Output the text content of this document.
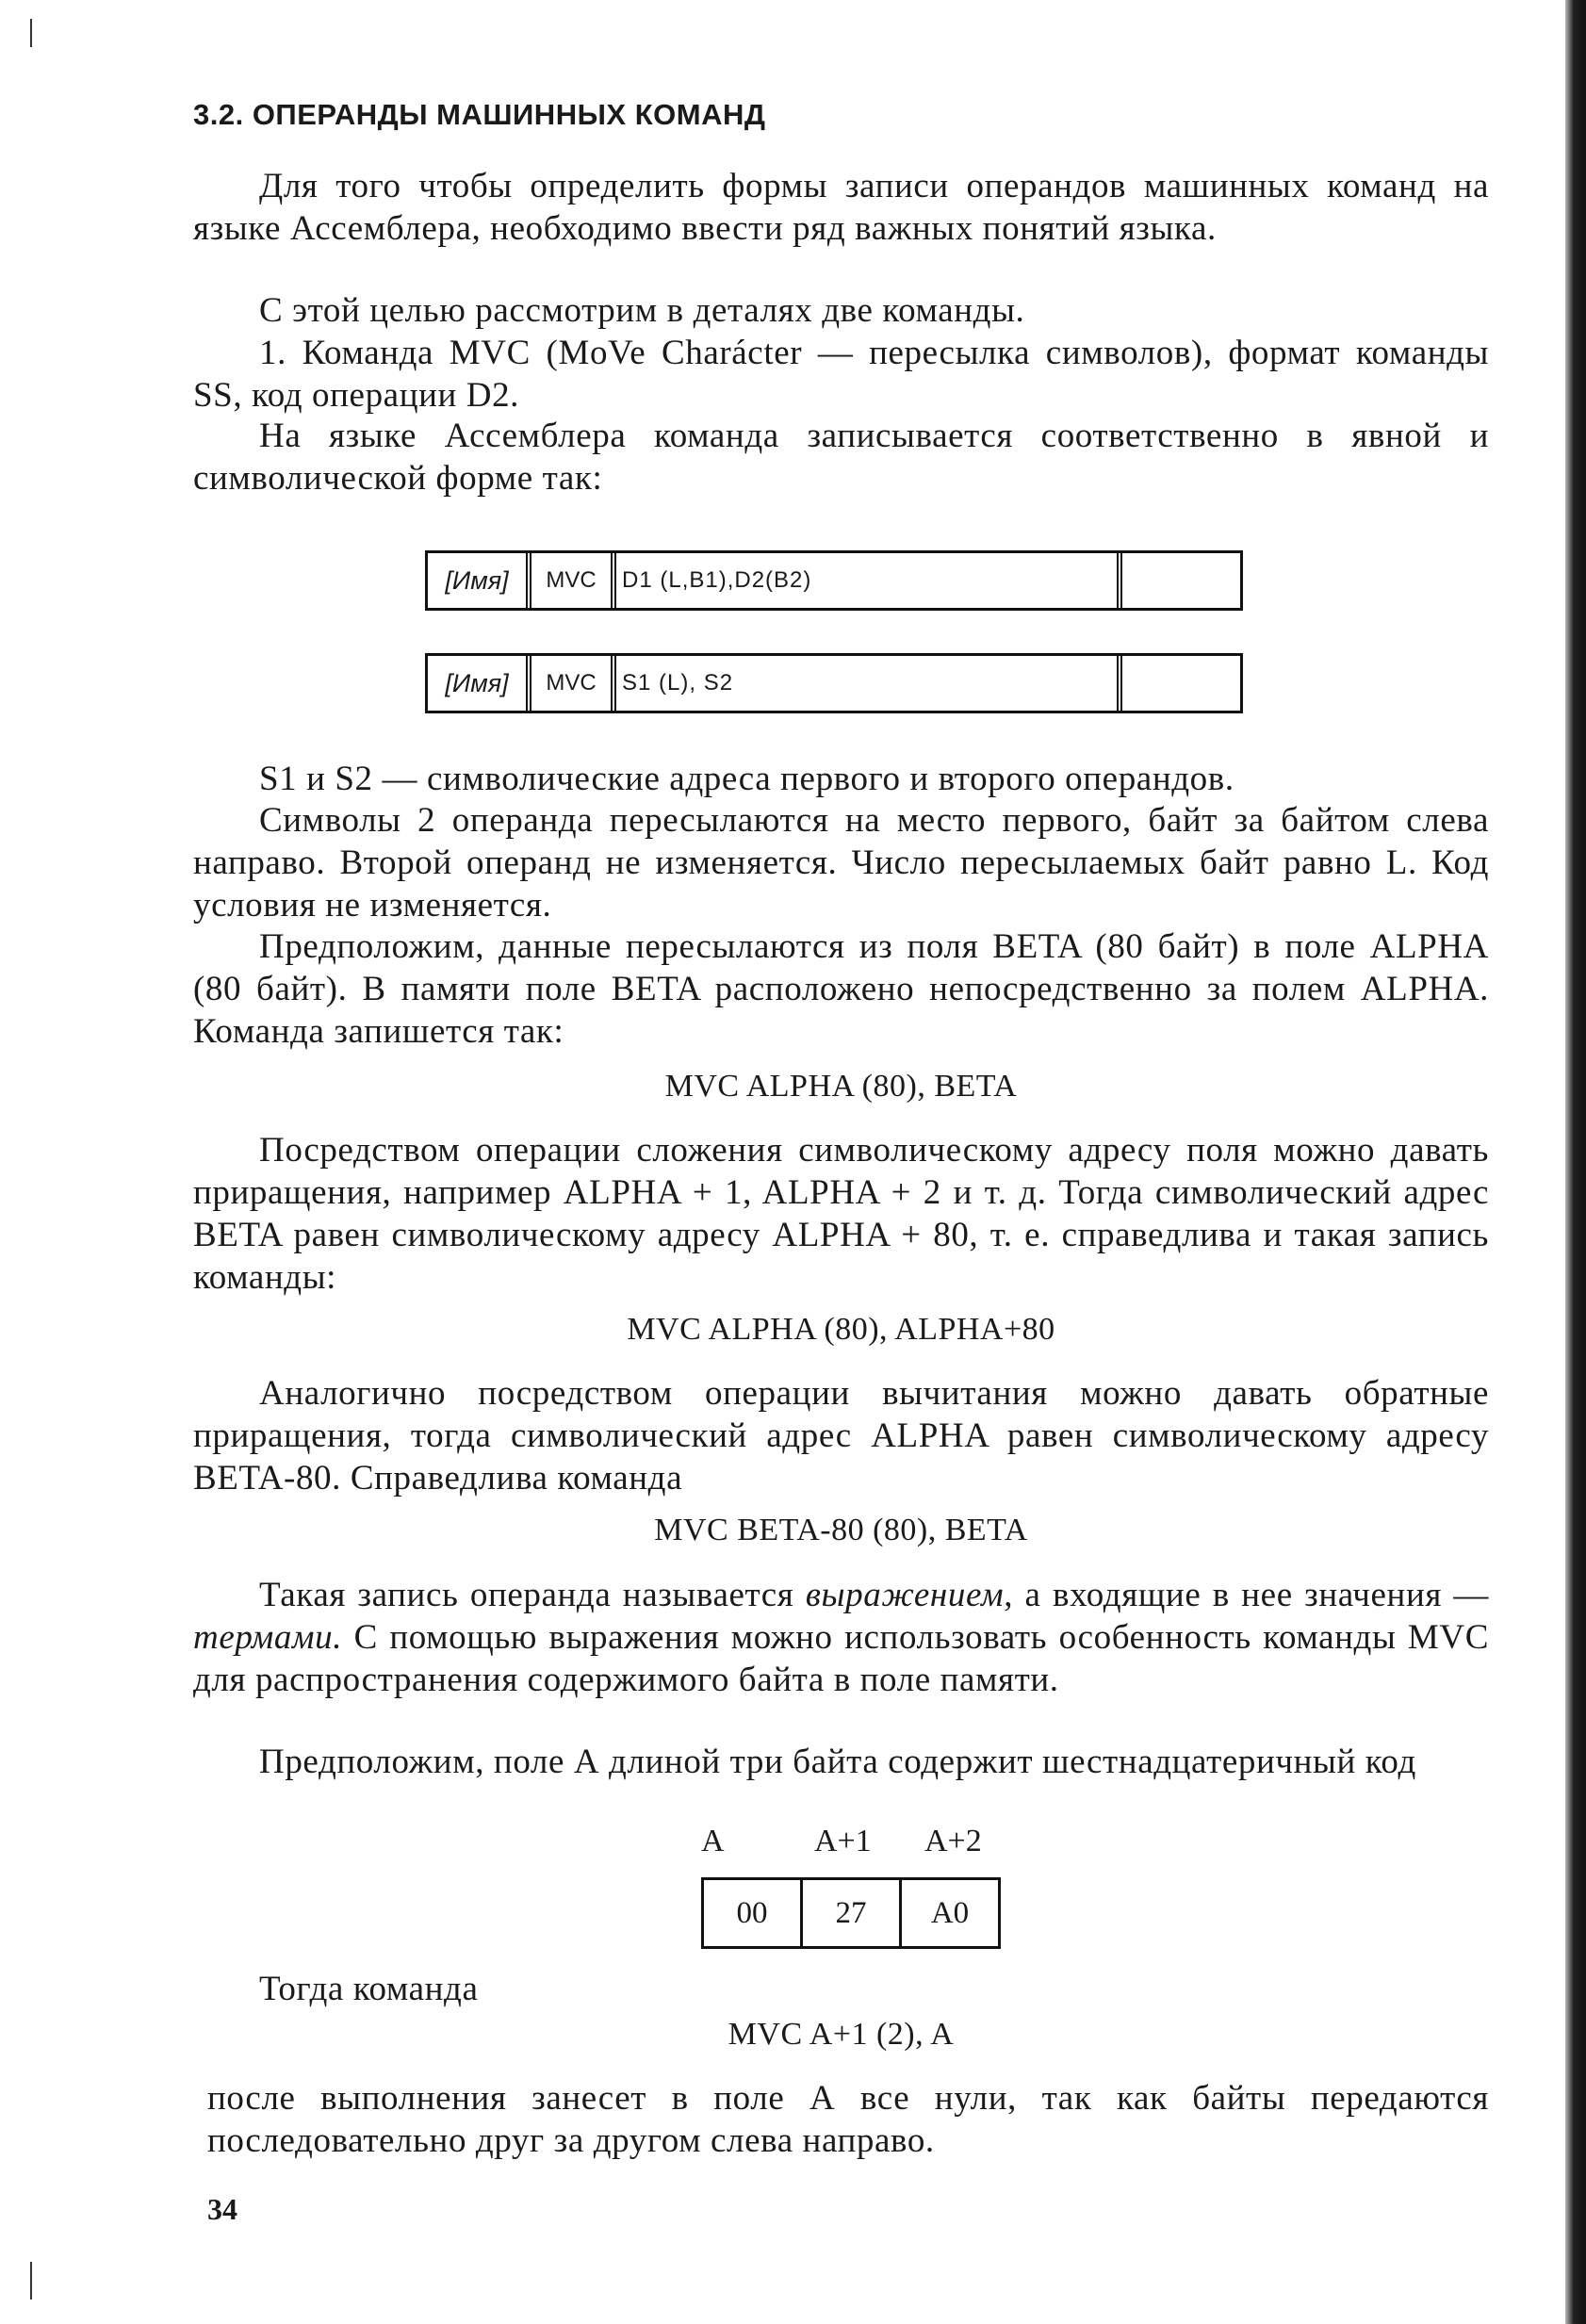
3.2. ОПЕРАНДЫ МАШИННЫХ КОМАНД

Для того чтобы определить формы записи операндов машинных команд на языке Ассемблера, необходимо ввести ряд важных понятий языка.

С этой целью рассмотрим в деталях две команды.

1. Команда MVC (MoVe Charácter — пересылка символов), формат команды SS, код операции D2.

На языке Ассемблера команда записывается соответственно в явной и символической форме так:

[Имя]	MVC	D1 (L,B1),D2(B2)
[Имя]	MVC	S1 (L), S2

S1 и S2 — символические адреса первого и второго операндов.

Символы 2 операнда пересылаются на место первого, байт за байтом слева направо. Второй операнд не изменяется. Число пересылаемых байт равно L. Код условия не изменяется.

Предположим, данные пересылаются из поля BETA (80 байт) в поле ALPHA (80 байт). В памяти поле BETA расположено непосредственно за полем ALPHA. Команда запишется так:

MVC ALPHA (80), BETA

Посредством операции сложения символическому адресу поля можно давать приращения, например ALPHA + 1, ALPHA + 2 и т. д. Тогда символический адрес BETA равен символическому адресу ALPHA + 80, т. е. справедлива и такая запись команды:

MVC ALPHA (80), ALPHA+80

Аналогично посредством операции вычитания можно давать обратные приращения, тогда символический адрес ALPHA равен символическому адресу BETA-80. Справедлива команда

MVC BETA-80 (80), BETA

Такая запись операнда называется выражением, а входящие в нее значения — термами. С помощью выражения можно использовать особенность команды MVC для распространения содержимого байта в поле памяти.

Предположим, поле А длиной три байта содержит шестнадцатеричный код

A	A+1 A+2
00	27	A0

Тогда команда

MVC A+1 (2), A

после выполнения занесет в поле А все нули, так как байты передаются последовательно друг за другом слева направо.

34
